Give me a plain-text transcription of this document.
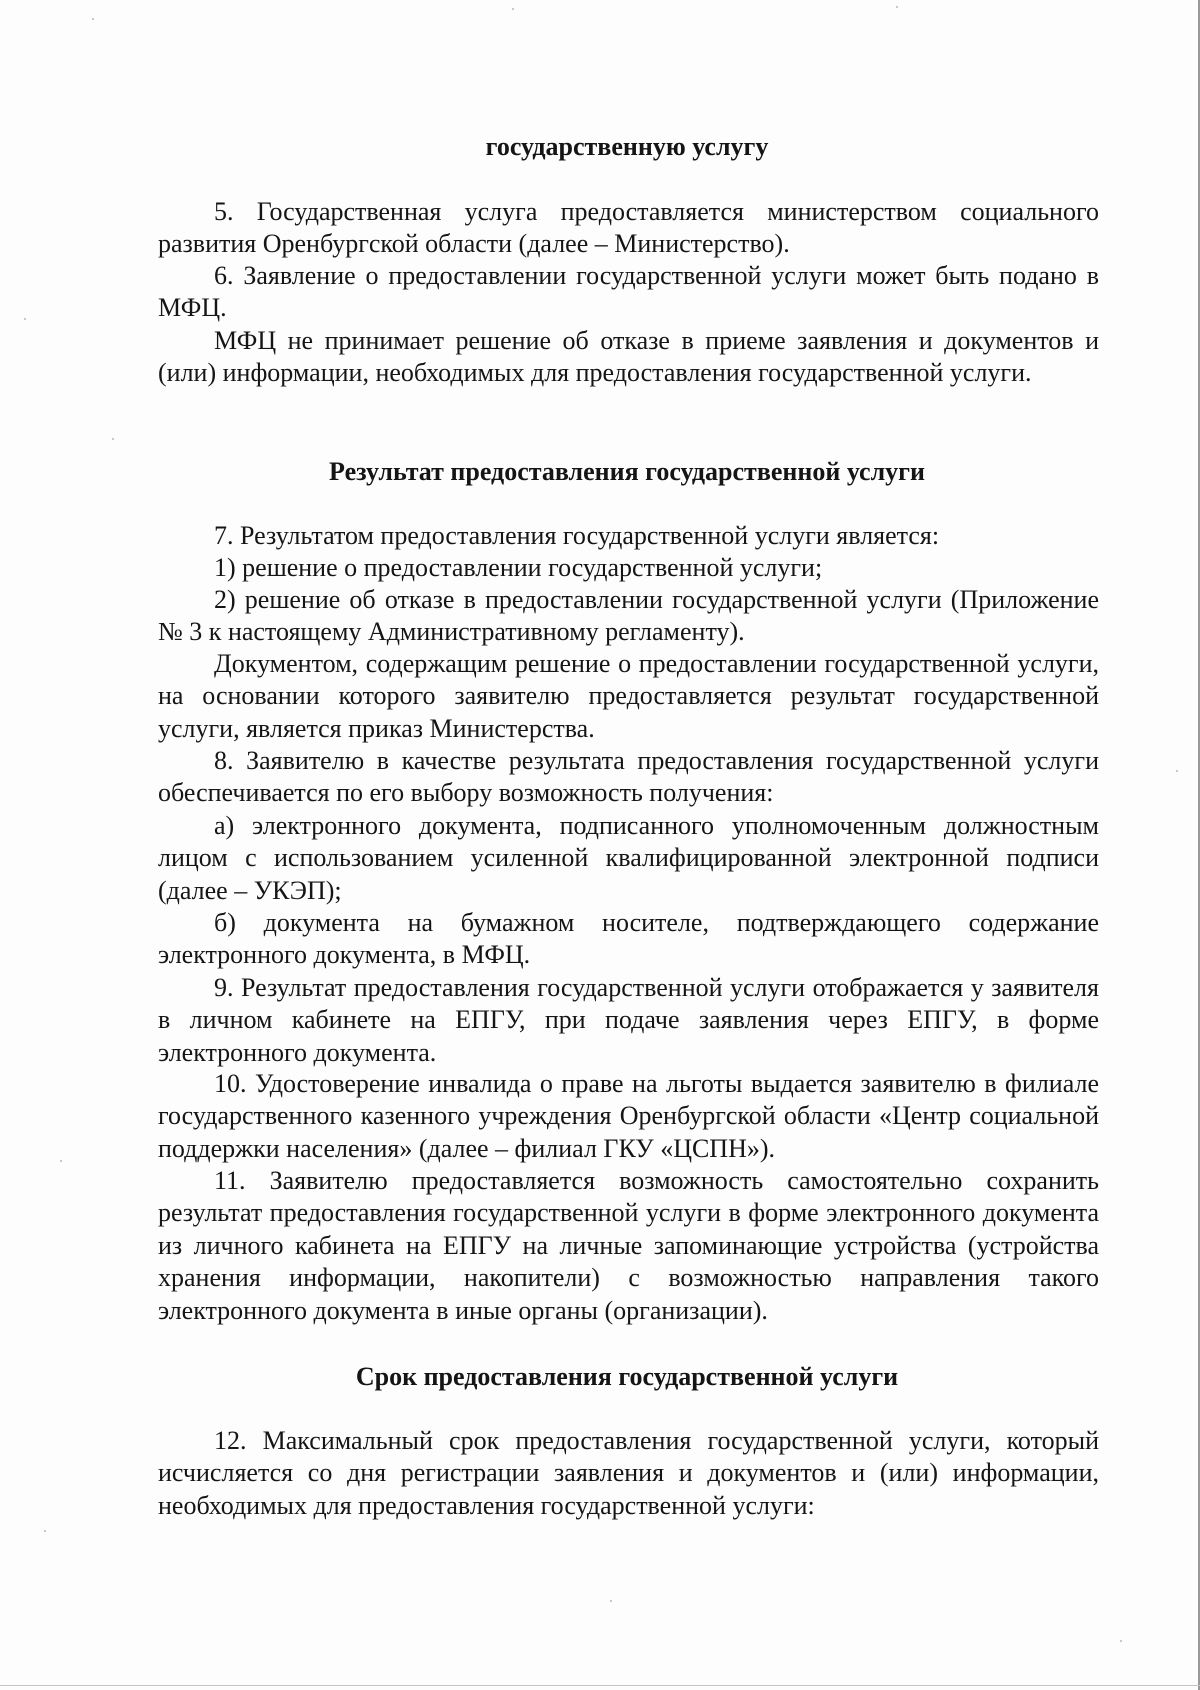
государственную услугу

5. Государственная услуга предоставляется министерством социального развития Оренбургской области (далее – Министерство).

6. Заявление о предоставлении государственной услуги может быть подано в МФЦ.

МФЦ не принимает решение об отказе в приеме заявления и документов и (или) информации, необходимых для предоставления государственной услуги.

Результат предоставления государственной услуги

7. Результатом предоставления государственной услуги является:

1) решение о предоставлении государственной услуги;

2) решение об отказе в предоставлении государственной услуги (Приложение № 3 к настоящему Административному регламенту).

Документом, содержащим решение о предоставлении государственной услуги, на основании которого заявителю предоставляется результат государственной услуги, является приказ Министерства.

8. Заявителю в качестве результата предоставления государственной услуги обеспечивается по его выбору возможность получения:

а) электронного документа, подписанного уполномоченным должностным лицом с использованием усиленной квалифицированной электронной подписи (далее – УКЭП);

б) документа на бумажном носителе, подтверждающего содержание электронного документа, в МФЦ.

9. Результат предоставления государственной услуги отображается у заявителя в личном кабинете на ЕПГУ, при подаче заявления через ЕПГУ, в форме электронного документа.

10. Удостоверение инвалида о праве на льготы выдается заявителю в филиале государственного казенного учреждения Оренбургской области «Центр социальной поддержки населения» (далее – филиал ГКУ «ЦСПН»).

11. Заявителю предоставляется возможность самостоятельно сохранить результат предоставления государственной услуги в форме электронного документа из личного кабинета на ЕПГУ на личные запоминающие устройства (устройства хранения информации, накопители) с возможностью направления такого электронного документа в иные органы (организации).

Срок предоставления государственной услуги

12. Максимальный срок предоставления государственной услуги, который исчисляется со дня регистрации заявления и документов и (или) информации, необходимых для предоставления государственной услуги:
